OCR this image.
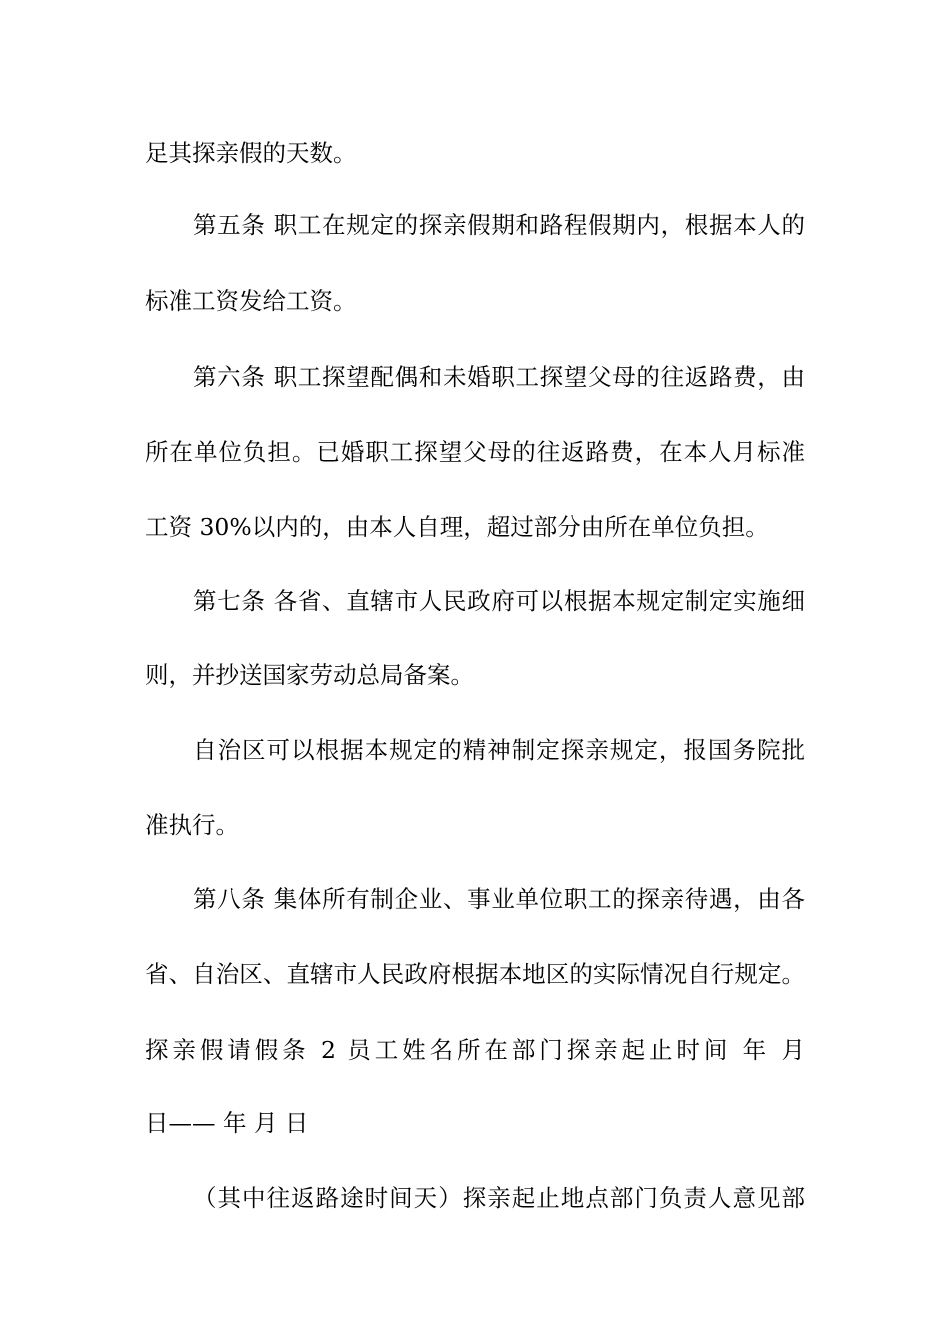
足其探亲假的天数。
第五条 职工在规定的探亲假期和路程假期内，根据本人的
标准工资发给工资。
第六条 职工探望配偶和未婚职工探望父母的往返路费，由
所在单位负担。已婚职工探望父母的往返路费，在本人月标准
工资 30%以内的，由本人自理，超过部分由所在单位负担。
第七条 各省、直辖市人民政府可以根据本规定制定实施细
则，并抄送国家劳动总局备案。
自治区可以根据本规定的精神制定探亲规定，报国务院批
准执行。
第八条 集体所有制企业、事业单位职工的探亲待遇，由各
省、自治区、直辖市人民政府根据本地区的实际情况自行规定。
探亲假请假条 2 员工姓名所在部门探亲起止时间 年 月
日—— 年 月 日
（其中往返路途时间天）探亲起止地点部门负责人意见部
